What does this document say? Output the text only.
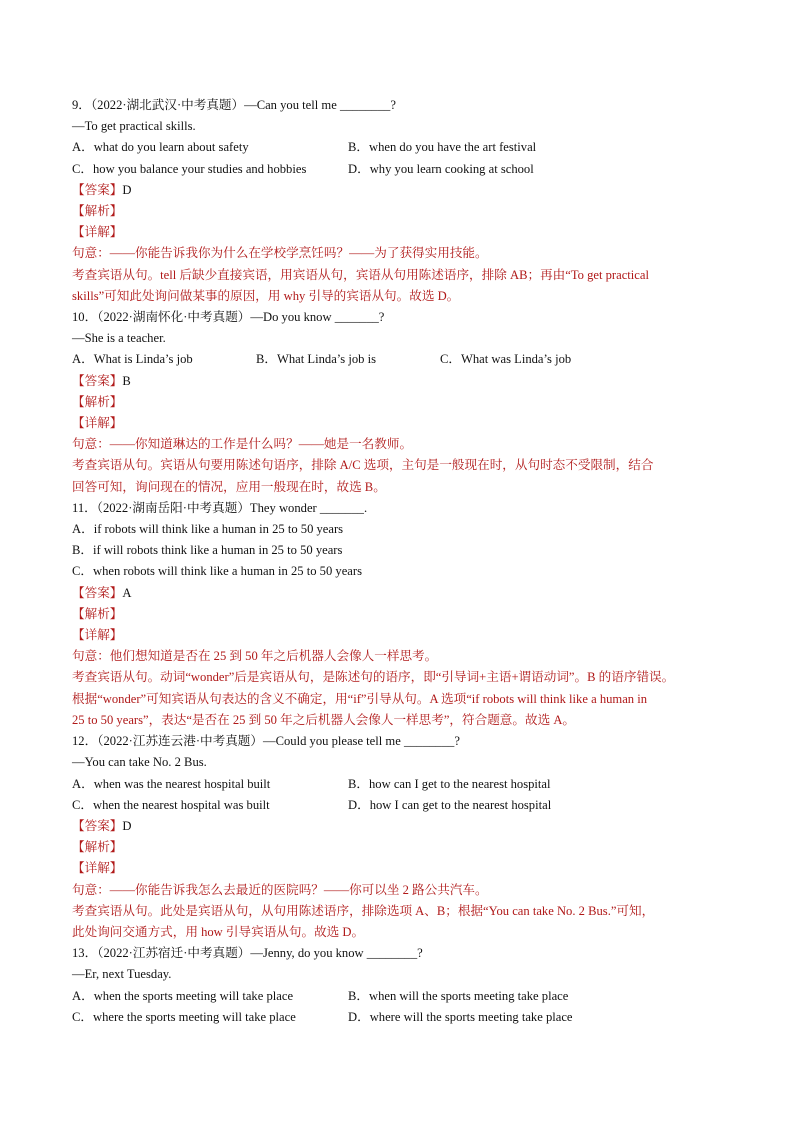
9．（2022·湖北武汉·中考真题）—Can you tell me ________?
—To get practical skills.
A．what do you learn about safety	B．when do you have the art festival
C．how you balance your studies and hobbies	D．why you learn cooking at school
【答案】D
【解析】
【详解】
句意：——你能告诉我你为什么在学校学烹饪吗？——为了获得实用技能。
考查宾语从句。tell 后缺少直接宾语，用宾语从句，宾语从句用陈述语序，排除 AB；再由“To get practical
skills”可知此处询问做某事的原因，用 why 引导的宾语从句。故选 D。
10．（2022·湖南怀化·中考真题）—Do you know _______?
—She is a teacher.
A．What is Linda’s job	B．What Linda’s job is	C．What was Linda’s job
【答案】B
【解析】
【详解】
句意：——你知道琳达的工作是什么吗？——她是一名教师。
考查宾语从句。宾语从句要用陈述句语序，排除 A/C 选项，主句是一般现在时，从句时态不受限制，结合
回答可知，询问现在的情况，应用一般现在时，故选 B。
11．（2022·湖南岳阳·中考真题）They wonder _______.
A．if robots will think like a human in 25 to 50 years
B．if will robots think like a human in 25 to 50 years
C．when robots will think like a human in 25 to 50 years
【答案】A
【解析】
【详解】
句意：他们想知道是否在 25 到 50 年之后机器人会像人一样思考。
考查宾语从句。动词“wonder”后是宾语从句，是陈述句的语序，即“引导词+主语+谓语动词”。B 的语序错误。
根据“wonder”可知宾语从句表达的含义不确定，用“if”引导从句。A 选项“if robots will think like a human in
25 to 50 years”，表达“是否在 25 到 50 年之后机器人会像人一样思考”，符合题意。故选 A。
12．（2022·江苏连云港·中考真题）—Could you please tell me ________?
—You can take No. 2 Bus.
A．when was the nearest hospital built	B．how can I get to the nearest hospital
C．when the nearest hospital was built	D．how I can get to the nearest hospital
【答案】D
【解析】
【详解】
句意：——你能告诉我怎么去最近的医院吗？——你可以坐 2 路公共汽车。
考查宾语从句。此处是宾语从句，从句用陈述语序，排除选项 A、B；根据“You can take No. 2 Bus.”可知，
此处询问交通方式，用 how 引导宾语从句。故选 D。
13．（2022·江苏宿迁·中考真题）—Jenny, do you know ________?
—Er, next Tuesday.
A．when the sports meeting will take place	B．when will the sports meeting take place
C．where the sports meeting will take place	D．where will the sports meeting take place
